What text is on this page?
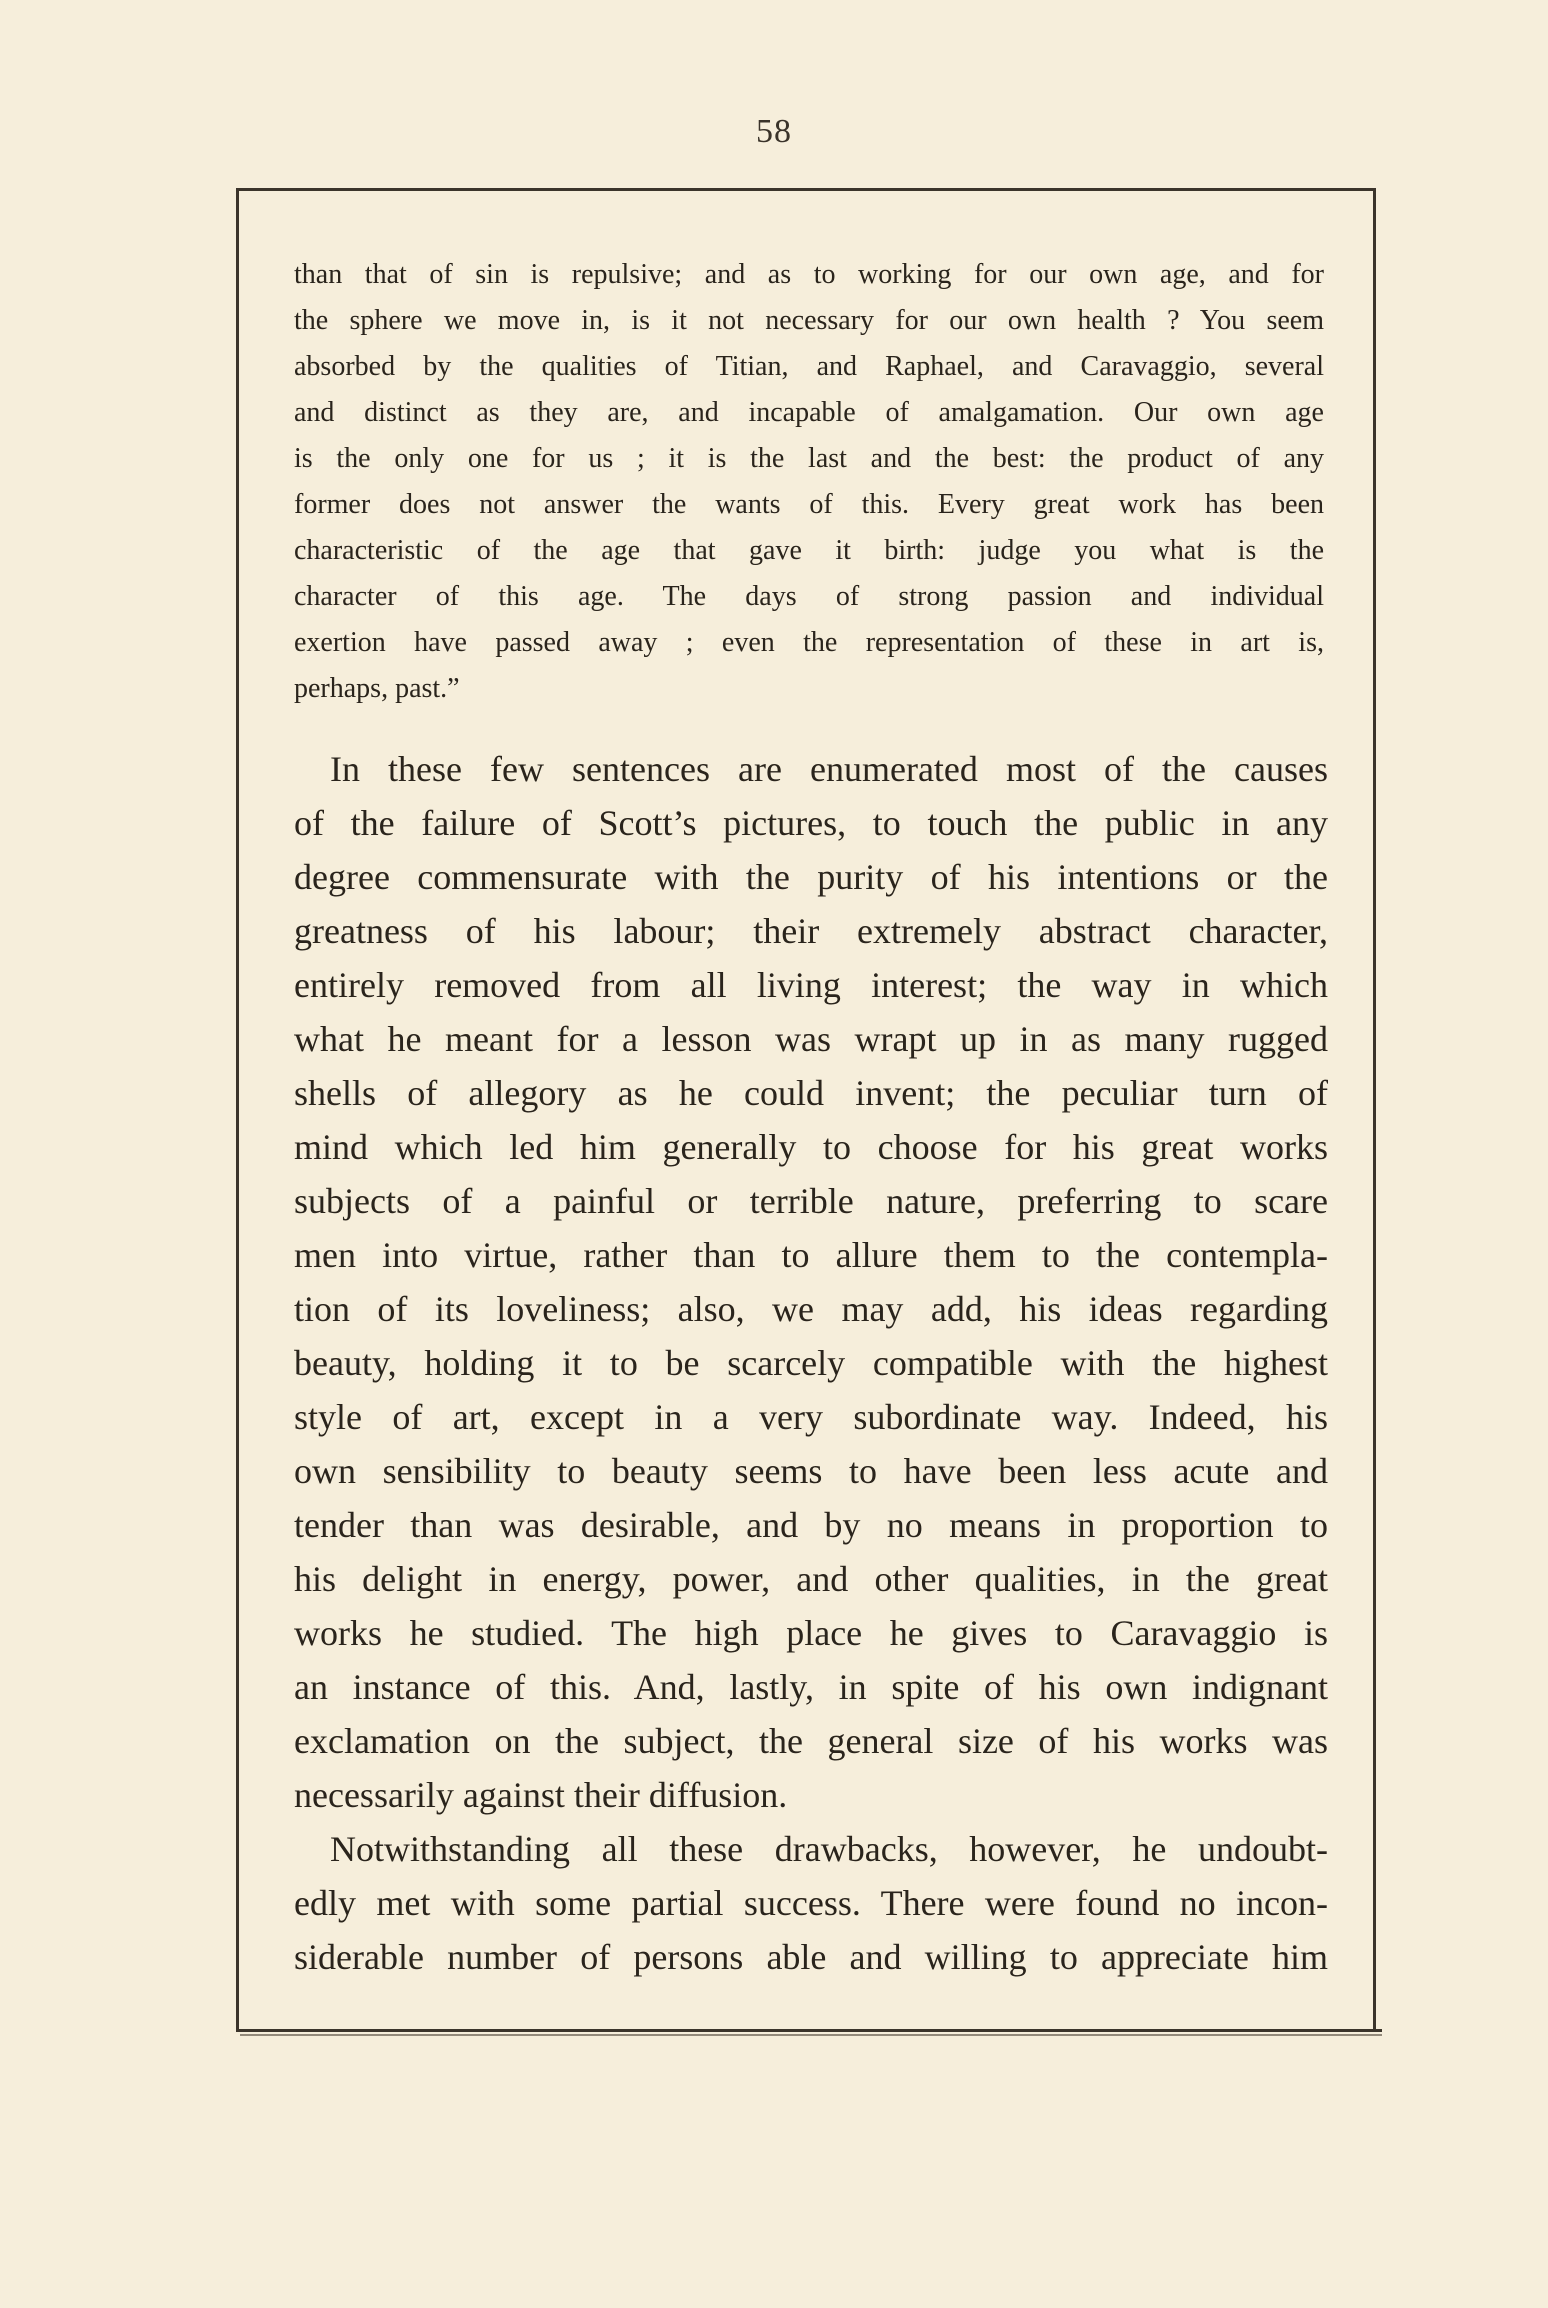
58
than that of sin is repulsive; and as to working for our own age, and for
the sphere we move in, is it not necessary for our own health ? You seem
absorbed by the qualities of Titian, and Raphael, and Caravaggio, several
and distinct as they are, and incapable of amalgamation. Our own age
is the only one for us ; it is the last and the best: the product of any
former does not answer the wants of this. Every great work has been
characteristic of the age that gave it birth: judge you what is the
character of this age. The days of strong passion and individual
exertion have passed away ; even the representation of these in art is,
perhaps, past.”
In these few sentences are enumerated most of the causes
of the failure of Scott’s pictures, to touch the public in any
degree commensurate with the purity of his intentions or the
greatness of his labour; their extremely abstract character,
entirely removed from all living interest; the way in which
what he meant for a lesson was wrapt up in as many rugged
shells of allegory as he could invent; the peculiar turn of
mind which led him generally to choose for his great works
subjects of a painful or terrible nature, preferring to scare
men into virtue, rather than to allure them to the contempla-
tion of its loveliness; also, we may add, his ideas regarding
beauty, holding it to be scarcely compatible with the highest
style of art, except in a very subordinate way. Indeed, his
own sensibility to beauty seems to have been less acute and
tender than was desirable, and by no means in proportion to
his delight in energy, power, and other qualities, in the great
works he studied. The high place he gives to Caravaggio is
an instance of this. And, lastly, in spite of his own indignant
exclamation on the subject, the general size of his works was
necessarily against their diffusion.
Notwithstanding all these drawbacks, however, he undoubt-
edly met with some partial success. There were found no incon-
siderable number of persons able and willing to appreciate him
